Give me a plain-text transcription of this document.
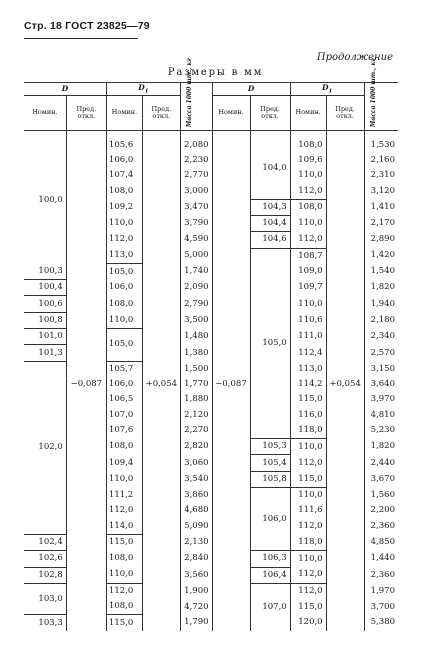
Стр. 18 ГОСТ 23825—79
Продолжение
Размеры в мм
D		$D_1$		Масса 1000 шт., кг	D		$D_1$		Масса 1000 шт., кг

Номин.	Пред. откл.	Номин.	Пред. откл.		Номин.	Пред. откл.	Номин.	Пред. откл.	

100,0	−0,087	105,6	+0,054	2,080	−0,087	104,0	108,0	+0,054	1,530
		106,0		2,230			109,6		2,160
		107,4		2,770			110,0		2,310
		108,0		3,000			112,0		3,120
		109,2		3,470		104,3	108,0		1,410
		110,0		3,790		104,4	110,0		2,170
		112,0		4,590		104,6	112,0		2,890
		113,0		5,000		105,0	108,7		1,420
100,3		105,0		1,740			109,0		1,540
100,4		106,0		2,090			109,7		1,820
100,6		108,0		2,790			110,0		1,940
100,8		110,0		3,500			110,6		2,180
101,0		105,0		1,480			111,0		2,340
101,3				1,380			112,4		2,570
102,0		105,7		1,500			113,0		3,150
		106,0		1,770			114,2		3,640
		106,5		1,880			115,0		3,970
		107,0		2,120			116,0		4,810
		107,6		2,270			118,0		5,230
		108,0		2,820		105,3	110,0		1,820
		109,4		3,060		105,4	112,0		2,440
		110,0		3,540		105,8	115,0		3,670
		111,2		3,860		106,0	110,0		1,560
		112,0		4,680			111,6		2,200
		114,0		5,090			112,0		2,360
102,4		115,0		2,130			118,0		4,850
102,6		108,0		2,840		106,3	110,0		1,440
102,8		110,0		3,560		106,4	112,0		2,360
103,0		112,0		1,900		107,0	112,0		1,970
		108,0		4,720			115,0		3,700
103,3		115,0		1,790			120,0		5,380
